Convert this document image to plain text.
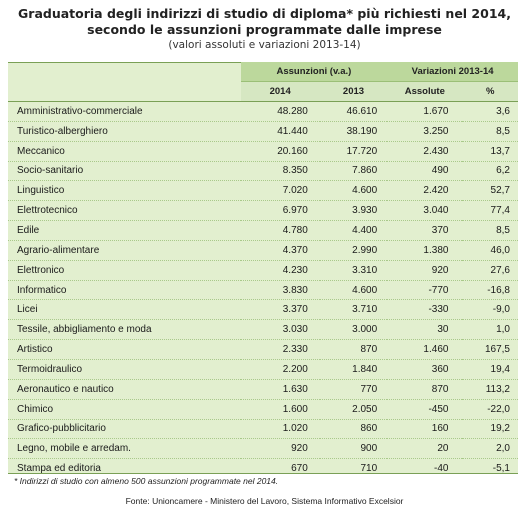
Graduatoria degli indirizzi di studio di diploma* più richiesti nel 2014,
secondo le assunzioni programmate dalle imprese
(valori assoluti e variazioni 2013-14)
	Assunzioni (v.a.)		Variazioni 2013-14	
	2014	2013	Assolute	%
Amministrativo-commerciale	48.280	46.610	1.670	3,6
Turistico-alberghiero	41.440	38.190	3.250	8,5
Meccanico	20.160	17.720	2.430	13,7
Socio-sanitario	8.350	7.860	490	6,2
Linguistico	7.020	4.600	2.420	52,7
Elettrotecnico	6.970	3.930	3.040	77,4
Edile	4.780	4.400	370	8,5
Agrario-alimentare	4.370	2.990	1.380	46,0
Elettronico	4.230	3.310	920	27,6
Informatico	3.830	4.600	-770	-16,8
Licei	3.370	3.710	-330	-9,0
Tessile, abbigliamento e moda	3.030	3.000	30	1,0
Artistico	2.330	870	1.460	167,5
Termoidraulico	2.200	1.840	360	19,4
Aeronautico e nautico	1.630	770	870	113,2
Chimico	1.600	2.050	-450	-22,0
Grafico-pubblicitario	1.020	860	160	19,2
Legno, mobile e arredam.	920	900	20	2,0
Stampa ed editoria	670	710	-40	-5,1
* Indirizzi di studio con almeno 500 assunzioni programmate nel 2014.
Fonte: Unioncamere - Ministero del Lavoro, Sistema Informativo Excelsior
